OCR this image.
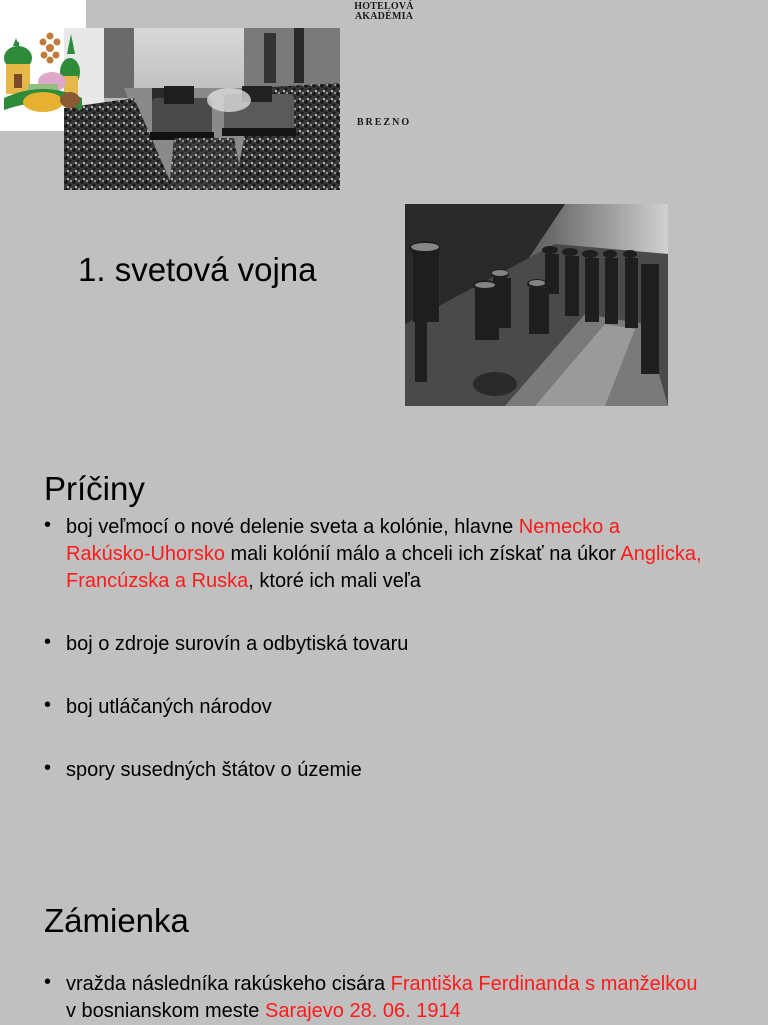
HOTELOVÁ
AKADÉMIA
BREZNO
1. svetová vojna
Príčiny
• boj veľmocí o nové delenie sveta a kolónie, hlavne Nemecko a Rakúsko-Uhorsko mali kolónií málo a chceli ich získať na úkor Anglicka, Francúzska a Ruska, ktoré ich mali veľa
• boj o zdroje surovín a odbytiská tovaru
• boj utláčaných národov
• spory susedných štátov o územie
Zámienka
• vražda následníka rakúskeho cisára Františka Ferdinanda s manželkou v bosnianskom meste Sarajevo 28. 06. 1914
